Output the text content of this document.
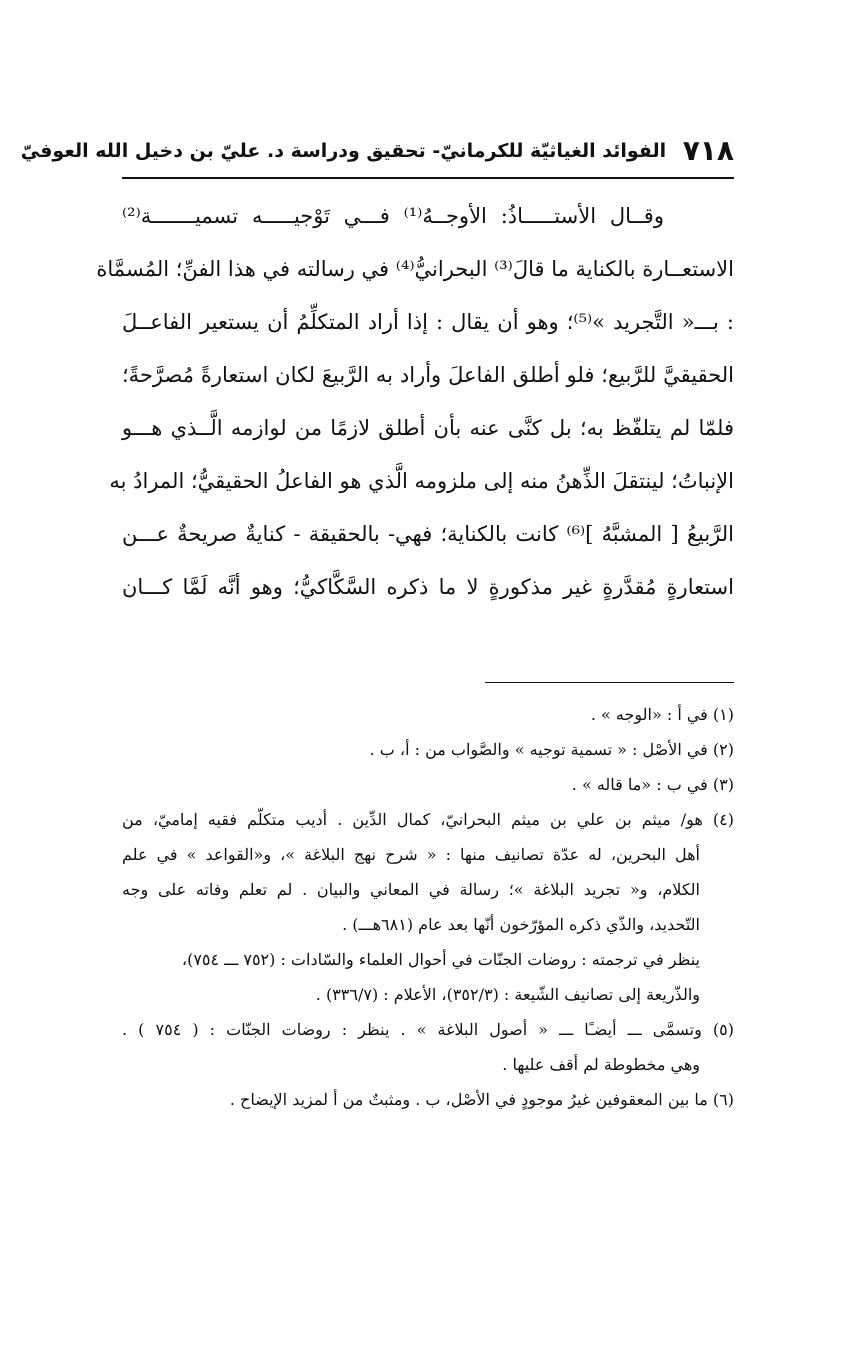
٧١٨ الفوائد الغياثيّة للكرمانيّ- تحقيق ودراسة د. عليّ بن دخيل الله العوفيّ
وقــال الأستـــــاذُ: الأوجــهُ⁽¹⁾ فـــي تَوْجيـــــه تسميـــــــة⁽²⁾
الاستعــارة بالكناية ما قالَ⁽³⁾ البحرانيُّ⁽⁴⁾ في رسالته في هذا الفنِّ؛ المُسمَّاة
: بـــ« التَّجريد »⁽⁵⁾؛ وهو أن يقال : إذا أراد المتكلِّمُ أن يستعير الفاعــلَ
الحقيقيَّ للرَّبيع؛ فلو أطلق الفاعلَ وأراد به الرَّبيعَ لكان استعارةً مُصرَّحةً؛
فلمّا لم يتلفّظ به؛ بل كنَّى عنه بأن أطلق لازمًا من لوازمه الَّــذي هـــو
الإنباتُ؛ لينتقلَ الذِّهنُ منه إلى ملزومه الَّذي هو الفاعلُ الحقيقيُّ؛ المرادُ به
الرَّبيعُ [ المشبَّهُ ]⁽⁶⁾ كانت بالكناية؛ فهي- بالحقيقة - كنايةٌ صريحةٌ عـــن
استعارةٍ مُقدَّرةٍ غير مذكورةٍ لا ما ذكره السَّكَّاكيُّ؛ وهو أنَّه لَمَّا كـــان
(١) في أ : «الوجه » .
(٢) في الأصْل : « تسمية توجيه » والصَّواب من : أ، ب .
(٣) في ب : «ما قاله » .
(٤) هو/ ميثم بن علي بن ميثم البحرانيّ، كمال الدِّين . أديب متكلّم فقيه إماميّ، من
أهل البحرين، له عدّة تصانيف منها : « شرح نهج البلاغة »، و«القواعد » في علم
الكلام، و« تجريد البلاغة »؛ رسالة في المعاني والبيان . لم تعلم وفاته على وجه
التّحديد، والذّي ذكره المؤرّخون أنّها بعد عام (٦٨١هـــ) .
ينظر في ترجمته : روضات الجنّات في أحوال العلماء والسّادات : (٧٥٢ ـــ ٧٥٤)،
والذّريعة إلى تصانيف الشّيعة : (٣٥٢/٣)، الأعلام : (٣٣٦/٧) .
(٥) وتسمَّى ـــ أيضـًا ـــ « أصول البلاغة » . ينظر : روضات الجنّات : ( ٧٥٤ ) .
وهي مخطوطة لم أقف عليها .
(٦) ما بين المعقوفين غيرُ موجودٍ في الأصْل، ب . ومثبتٌ من أ لمزيد الإيضاح .
